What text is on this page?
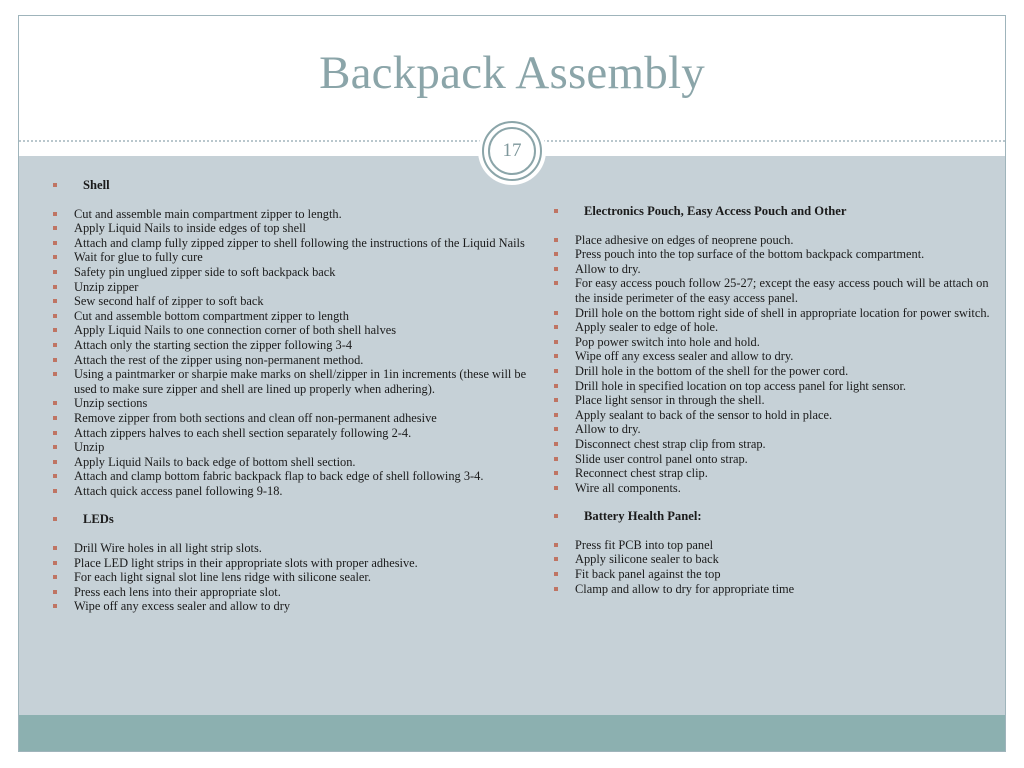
Backpack Assembly
17
Shell
Cut and assemble main compartment zipper to length.
Apply Liquid Nails to inside edges of top shell
Attach and clamp fully zipped zipper to shell following the instructions of the Liquid Nails
Wait for glue to fully cure
Safety pin unglued zipper side to soft backpack back
Unzip zipper
Sew second half of zipper to soft back
Cut and assemble bottom compartment zipper to length
Apply Liquid Nails to one connection corner of both shell halves
Attach only the starting section the zipper following 3-4
Attach the rest of the zipper using non-permanent method.
Using a paintmarker or sharpie make marks on shell/zipper in 1in increments (these will be used to make sure zipper and shell are lined up properly when adhering).
Unzip sections
Remove zipper from both sections and clean off non-permanent adhesive
Attach zippers halves to each shell section separately following 2-4.
Unzip
Apply Liquid Nails to back edge of bottom shell section.
Attach and clamp bottom fabric backpack flap to back edge of shell following 3-4.
Attach quick access panel following 9-18.
LEDs
Drill Wire holes in all light strip slots.
Place LED light strips in their appropriate slots with proper adhesive.
For each light signal slot line lens ridge with silicone sealer.
Press each lens into their appropriate slot.
Wipe off any excess sealer and allow to dry
Electronics Pouch, Easy Access Pouch and Other
Place adhesive on edges of neoprene pouch.
Press pouch into the top surface of the bottom backpack compartment.
Allow to dry.
For easy access pouch follow 25-27; except the easy access pouch will be attach on the inside perimeter of the easy access panel.
Drill hole on the bottom right side of shell in appropriate location for power switch.
Apply sealer to edge of hole.
Pop power switch into hole and hold.
Wipe off any excess sealer and allow to dry.
Drill hole in the bottom of the shell for the power cord.
Drill hole in specified location on top access panel for light sensor.
Place light sensor in through the shell.
Apply sealant to back of the sensor to hold in place.
Allow to dry.
Disconnect chest strap clip from strap.
Slide user control panel onto strap.
Reconnect chest strap clip.
Wire all components.
Battery Health Panel:
Press fit PCB into top panel
Apply silicone sealer to back
Fit back panel against the top
Clamp and allow to dry for appropriate time
